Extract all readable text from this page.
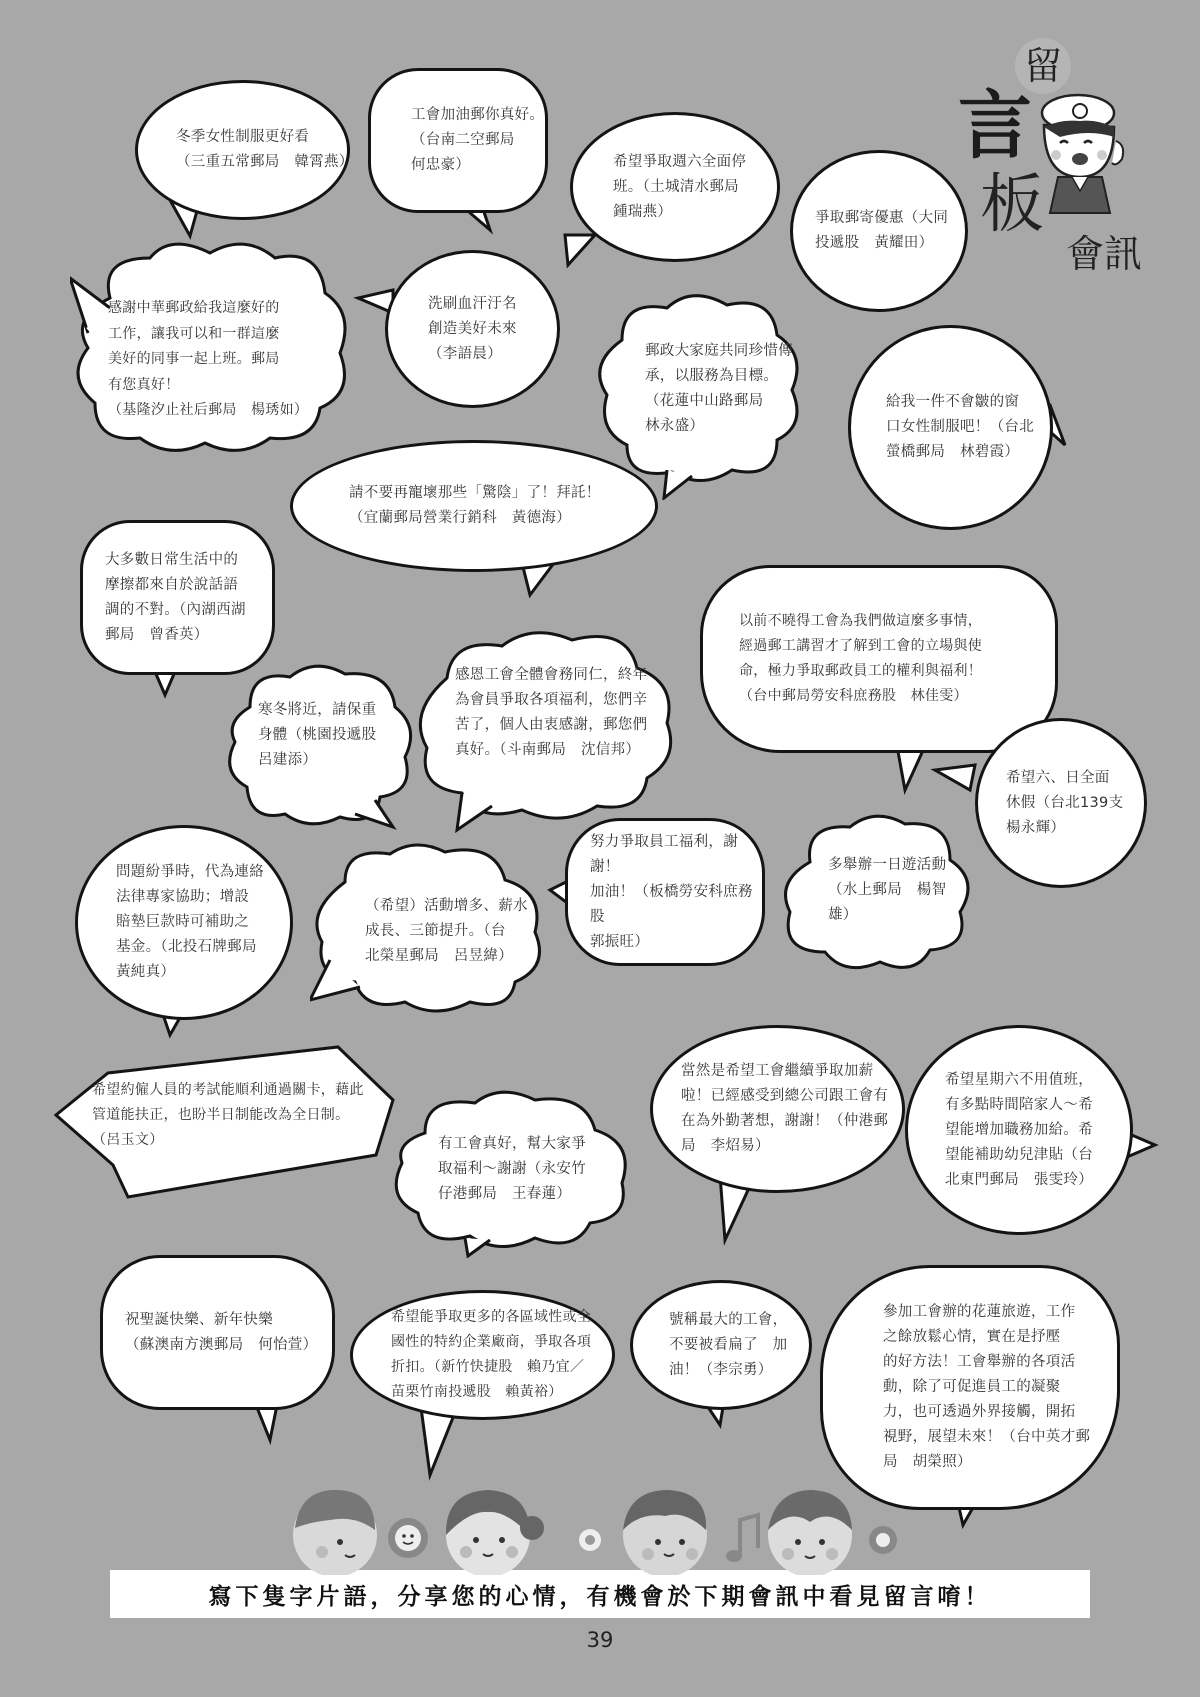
留
言
板
會訊
冬季女性制服更好看
（三重五常郵局　韓霄燕）
工會加油郵你真好。
（台南二空郵局
何忠豪）	希望爭取週六全面停
班。（土城清水郵局
鍾瑞燕）	爭取郵寄優惠（大同
投遞股　黃耀田）
感謝中華郵政給我這麼好的
工作，讓我可以和一群這麼
美好的同事一起上班。郵局
有您真好！
（基隆汐止社后郵局　楊琇如）
洗刷血汗汙名
創造美好未來
（李語晨）	郵政大家庭共同珍惜傳
承，以服務為目標。
（花蓮中山路郵局
林永盛）
給我一件不會皺的窗
口女性制服吧！（台北
螢橋郵局　林碧霞）
請不要再寵壞那些「驚陰」了！拜託！
（宜蘭郵局營業行銷科　黃德海）
大多數日常生活中的
摩擦都來自於說話語
調的不對。（內湖西湖
郵局　曾香英）
以前不曉得工會為我們做這麼多事情，
經過郵工講習才了解到工會的立場與使
命，極力爭取郵政員工的權利與福利！
（台中郵局勞安科庶務股　林佳雯）
感恩工會全體會務同仁，終年
為會員爭取各項福利，您們辛
苦了，個人由衷感謝，郵您們
真好。（斗南郵局　沈信邦）
寒冬將近，請保重
身體（桃園投遞股
呂建添）
希望六、日全面
休假（台北139支
楊永輝）
問題紛爭時，代為連絡
法律專家協助；增設
賠墊巨款時可補助之
基金。（北投石牌郵局
黃純真）
（希望）活動增多、薪水
成長、三節提升。（台
北榮星郵局　呂昱緯）
努力爭取員工福利，謝謝！
加油！（板橋勞安科庶務股
郭振旺）
多舉辦一日遊活動
（水上郵局　楊智雄）
希望約僱人員的考試能順利通過關卡，藉此
管道能扶正，也盼半日制能改為全日制。
（呂玉文）	有工會真好，幫大家爭
取福利～謝謝（永安竹
仔港郵局　王春蓮）
當然是希望工會繼續爭取加薪
啦！已經感受到總公司跟工會有
在為外勤著想，謝謝！（仲港郵
局　李炤易）
希望星期六不用值班，
有多點時間陪家人～希
望能增加職務加給。希
望能補助幼兒津貼（台
北東門郵局　張雯玲）
祝聖誕快樂、新年快樂
（蘇澳南方澳郵局　何怡萱）
希望能爭取更多的各區域性或全
國性的特約企業廠商，爭取各項
折扣。（新竹快捷股　賴乃宜／
苗栗竹南投遞股　賴黃裕）
號稱最大的工會，
不要被看扁了　加
油！（李宗勇）
參加工會辦的花蓮旅遊，工作
之餘放鬆心情，實在是抒壓
的好方法！工會舉辦的各項活
動，除了可促進員工的凝聚
力，也可透過外界接觸，開拓
視野，展望未來！（台中英才郵
局　胡榮照）
寫下隻字片語，分享您的心情，有機會於下期會訊中看見留言唷！
39
